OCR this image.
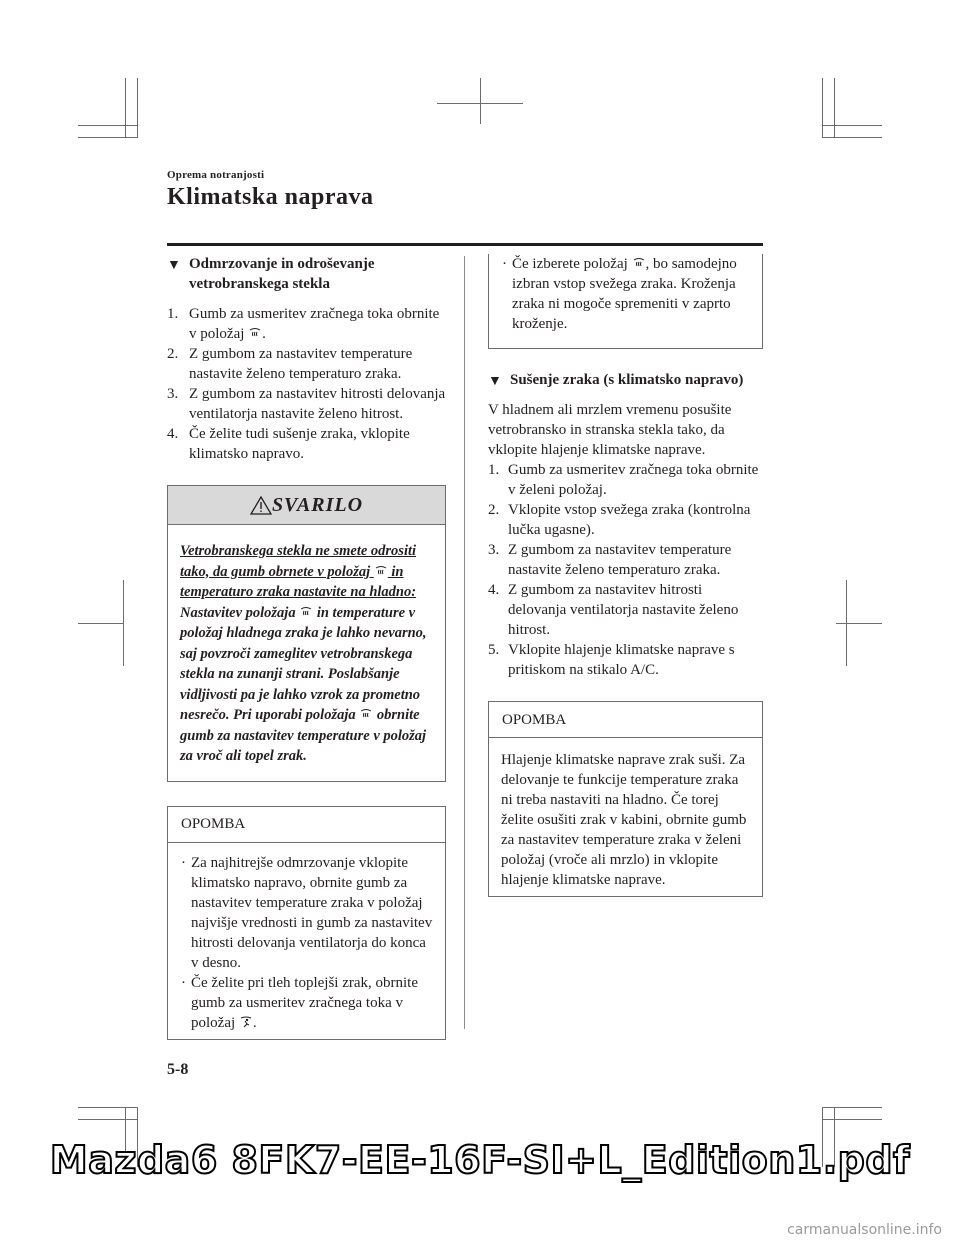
Oprema notranjosti
Klimatska naprava

▼ Odmrzovanje in odroševanje vetrobranskega stekla

1. Gumb za usmeritev zračnega toka obrnite v položaj .
2. Z gumbom za nastavitev temperature nastavite želeno temperaturo zraka.
3. Z gumbom za nastavitev hitrosti delovanja ventilatorja nastavite želeno hitrost.
4. Če želite tudi sušenje zraka, vklopite klimatsko napravo.
SVARILO
Vetrobranskega stekla ne smete odrositi tako, da gumb obrnete v položaj  in temperaturo zraka nastavite na hladno:
Nastavitev položaja  in temperature v položaj hladnega zraka je lahko nevarno, saj povzroči zameglitev vetrobranskega stekla na zunanji strani. Poslabšanje vidljivosti pa je lahko vzrok za prometno nesrečo. Pri uporabi položaja  obrnite gumb za nastavitev temperature v položaj za vroč ali topel zrak.
OPOMBA

· Za najhitrejše odmrzovanje vklopite klimatsko napravo, obrnite gumb za nastavitev temperature zraka v položaj najvišje vrednosti in gumb za nastavitev hitrosti delovanja ventilatorja do konca v desno.

· Če želite pri tleh toplejši zrak, obrnite gumb za usmeritev zračnega toka v položaj .

· Če izberete položaj , bo samodejno izbran vstop svežega zraka. Kroženja zraka ni mogoče spremeniti v zaprto kroženje.

▼ Sušenje zraka (s klimatsko napravo)

V hladnem ali mrzlem vremenu posušite vetrobransko in stranska stekla tako, da vklopite hlajenje klimatske naprave.

1. Gumb za usmeritev zračnega toka obrnite v želeni položaj.
2. Vklopite vstop svežega zraka (kontrolna lučka ugasne).
3. Z gumbom za nastavitev temperature nastavite želeno temperaturo zraka.
4. Z gumbom za nastavitev hitrosti delovanja ventilatorja nastavite želeno hitrost.
5. Vklopite hlajenje klimatske naprave s pritiskom na stikalo A/C.
OPOMBA
Hlajenje klimatske naprave zrak suši. Za delovanje te funkcije temperature zraka ni treba nastaviti na hladno. Če torej želite osušiti zrak v kabini, obrnite gumb za nastavitev temperature zraka v želeni položaj (vroče ali mrzlo) in vklopite hlajenje klimatske naprave.
5-8
Mazda6 8FK7-EE-16F-SI+L_Edition1.pdf
carmanualsonline.info
